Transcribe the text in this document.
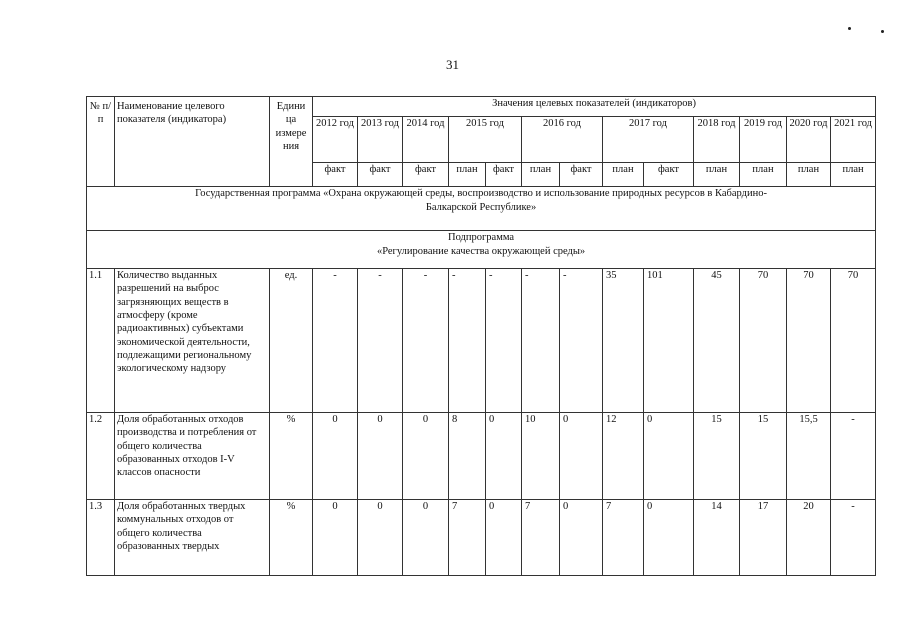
31
№ п/п	Наименование целевого показателя (индикатора)	Едини ца измере ния	Значения целевых показателей (индикаторов)												
			2012 год	2013 год	2014 год	2015 год		2016 год		2017 год		2018 год	2019 год	2020 год	2021 год
			факт	факт	факт	план	факт	план	факт	план	факт	план	план	план	план

Государственная программа «Охрана окружающей среды, воспроизводство и использование природных ресурсов в Кабардино-Балкарской Республике»															

Подпрограмма
«Регулирование качества окружающей среды»															

1.1	Количество выданных разрешений на выброс загрязняющих веществ в атмосферу (кроме радиоактивных) субъектами экономической деятельности, подлежащими региональному экологическому надзору	ед.	-	-	-	-	-	-	-	35	101	45	70	70	70
1.2	Доля обработанных отходов производства и потребления от общего количества образованных отходов I-V классов опасности	%	0	0	0	8	0	10	0	12	0	15	15	15,5	-
1.3	Доля обработанных твердых коммунальных отходов от общего количества образованных твердых	%	0	0	0	7	0	7	0	7	0	14	17	20	-
